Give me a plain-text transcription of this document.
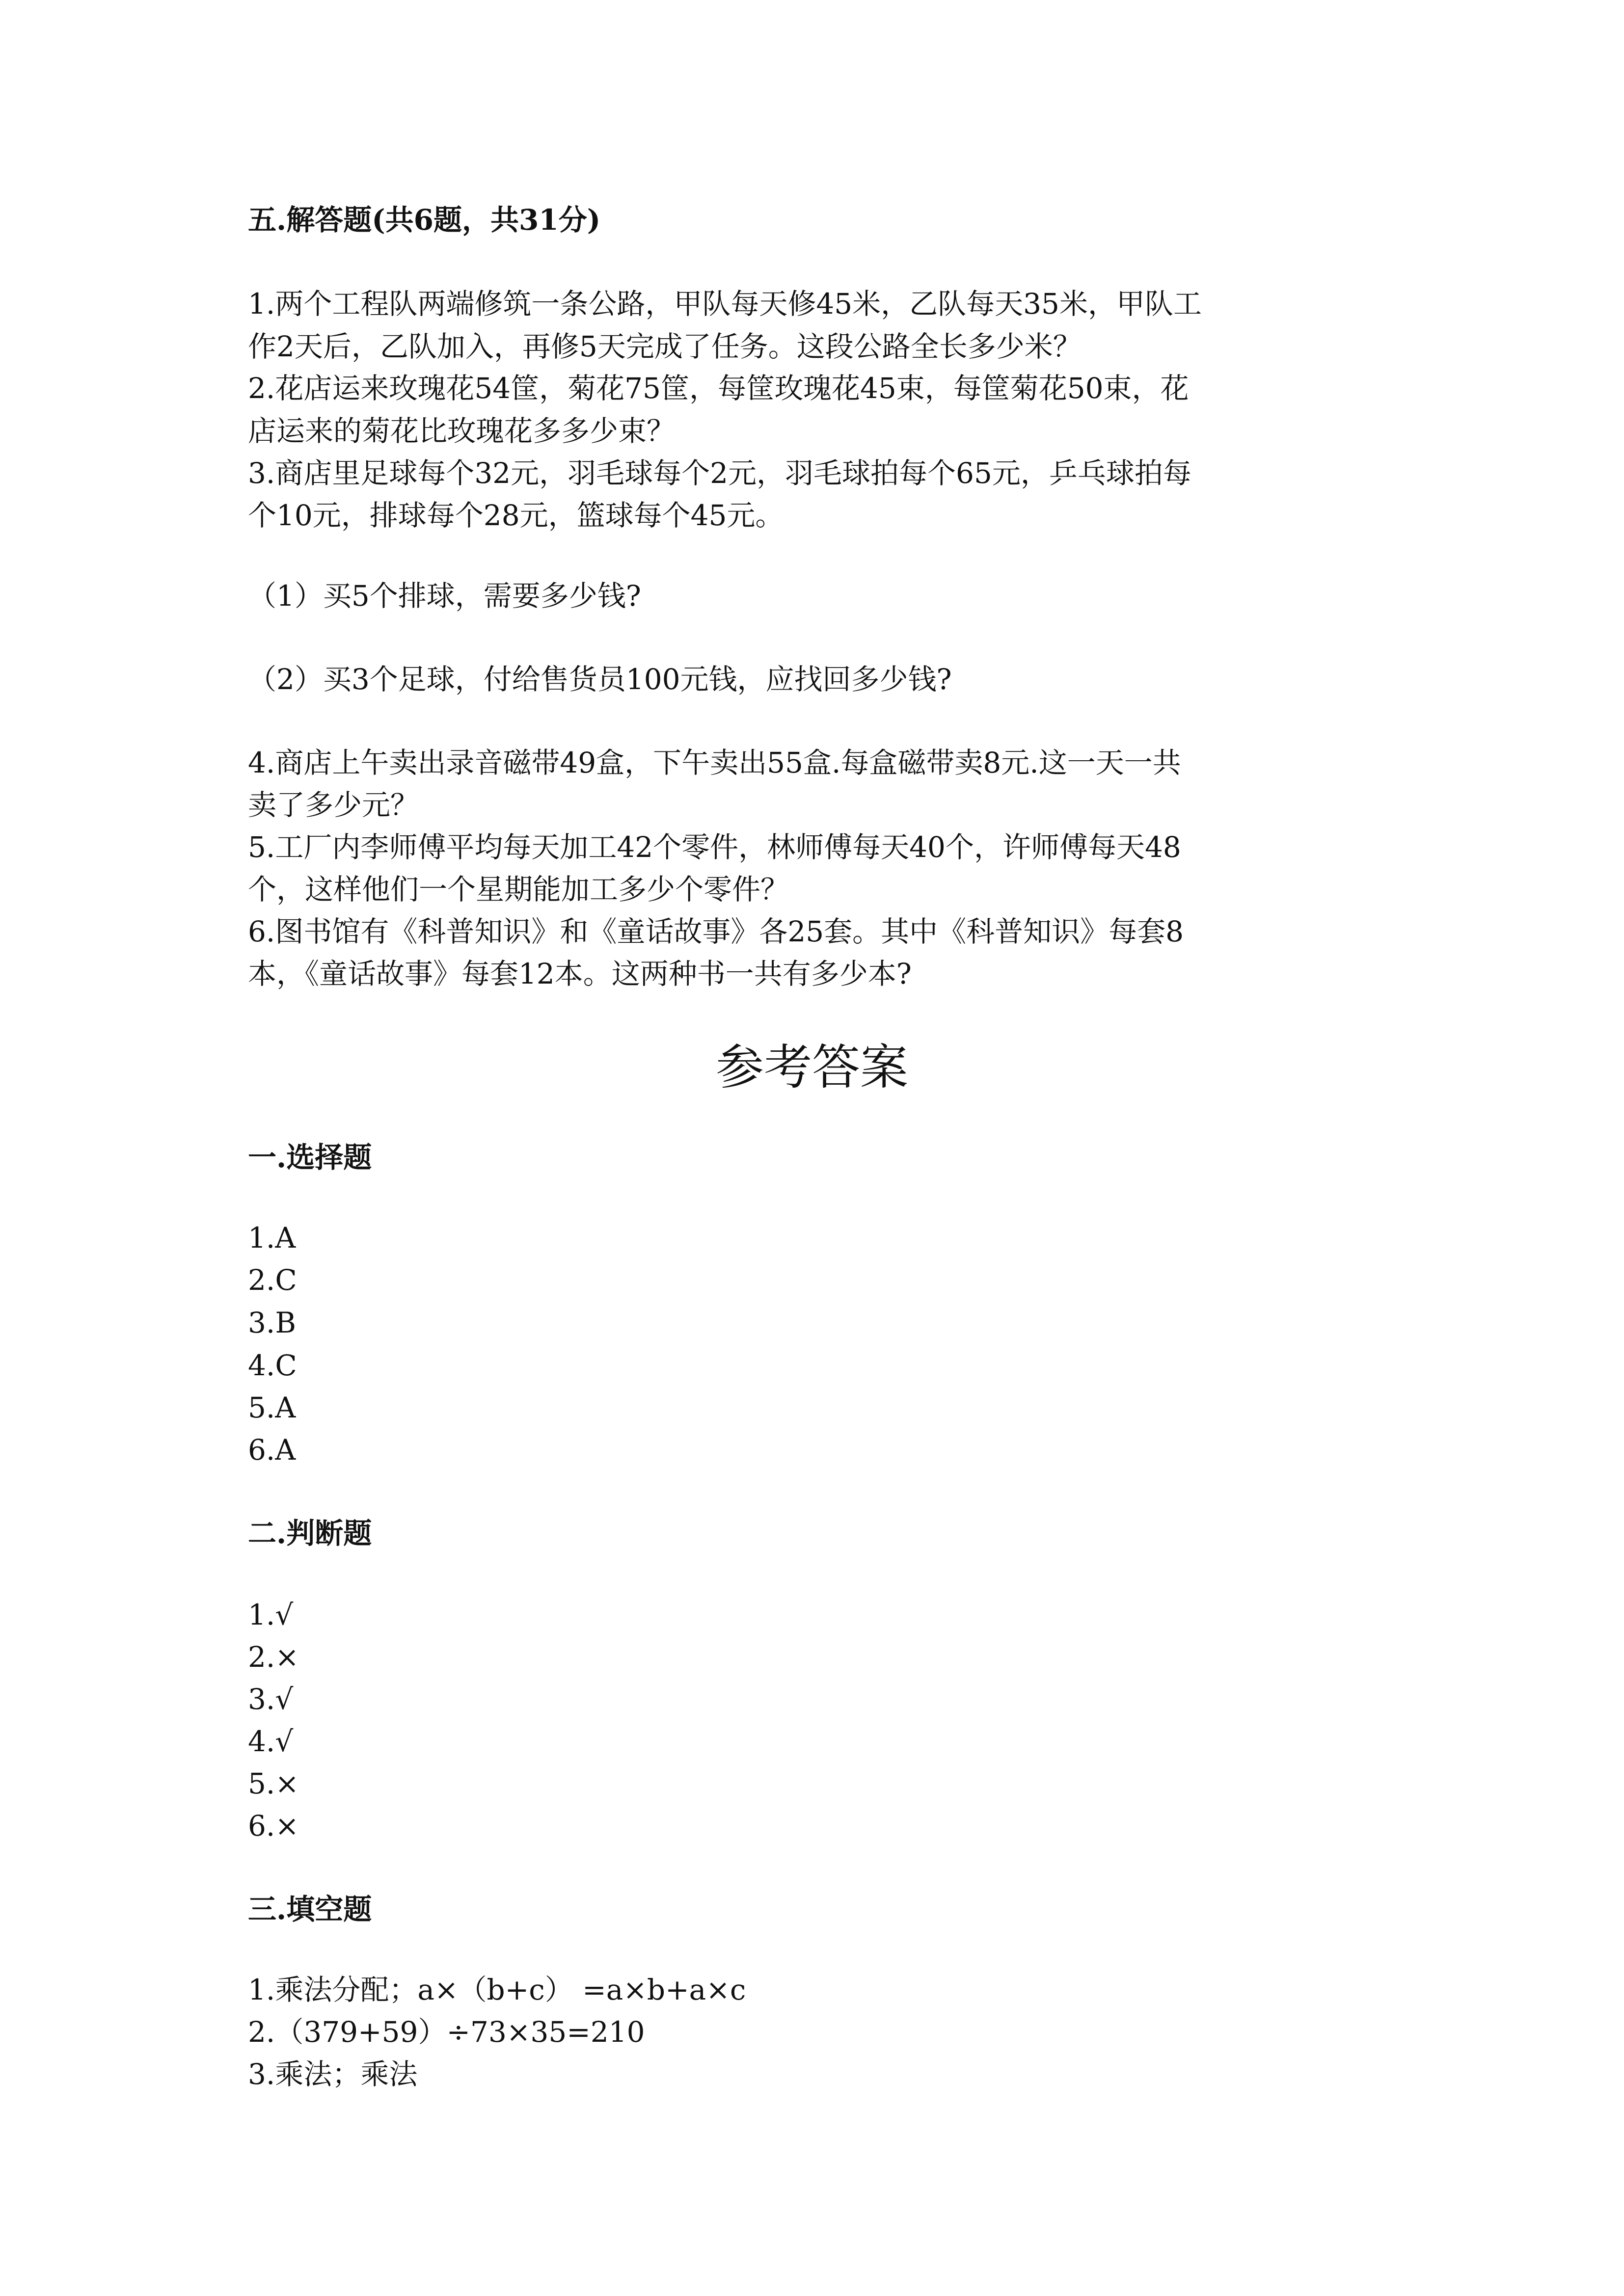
五.解答题(共6题，共31分)
1.两个工程队两端修筑一条公路，甲队每天修45米，乙队每天35米，甲队工
作2天后，乙队加入，再修5天完成了任务。这段公路全长多少米？
2.花店运来玫瑰花54筐，菊花75筐，每筐玫瑰花45束，每筐菊花50束，花
店运来的菊花比玫瑰花多多少束？
3.商店里足球每个32元，羽毛球每个2元，羽毛球拍每个65元，乒乓球拍每
个10元，排球每个28元，篮球每个45元。
（1）买5个排球，需要多少钱?
（2）买3个足球，付给售货员100元钱，应找回多少钱?
4.商店上午卖出录音磁带49盒，下午卖出55盒.每盒磁带卖8元.这一天一共
卖了多少元？
5.工厂内李师傅平均每天加工42个零件，林师傅每天40个，许师傅每天48
个，这样他们一个星期能加工多少个零件？
6.图书馆有《科普知识》和《童话故事》各25套。其中《科普知识》每套8
本，《童话故事》每套12本。这两种书一共有多少本?
参考答案
一.选择题
1.A
2.C
3.B
4.C
5.A
6.A
二.判断题
1.√
2.×
3.√
4.√
5.×
6.×
三.填空题
1.乘法分配；a×（b+c） =a×b+a×c
2.（379+59）÷73×35=210
3.乘法；乘法
